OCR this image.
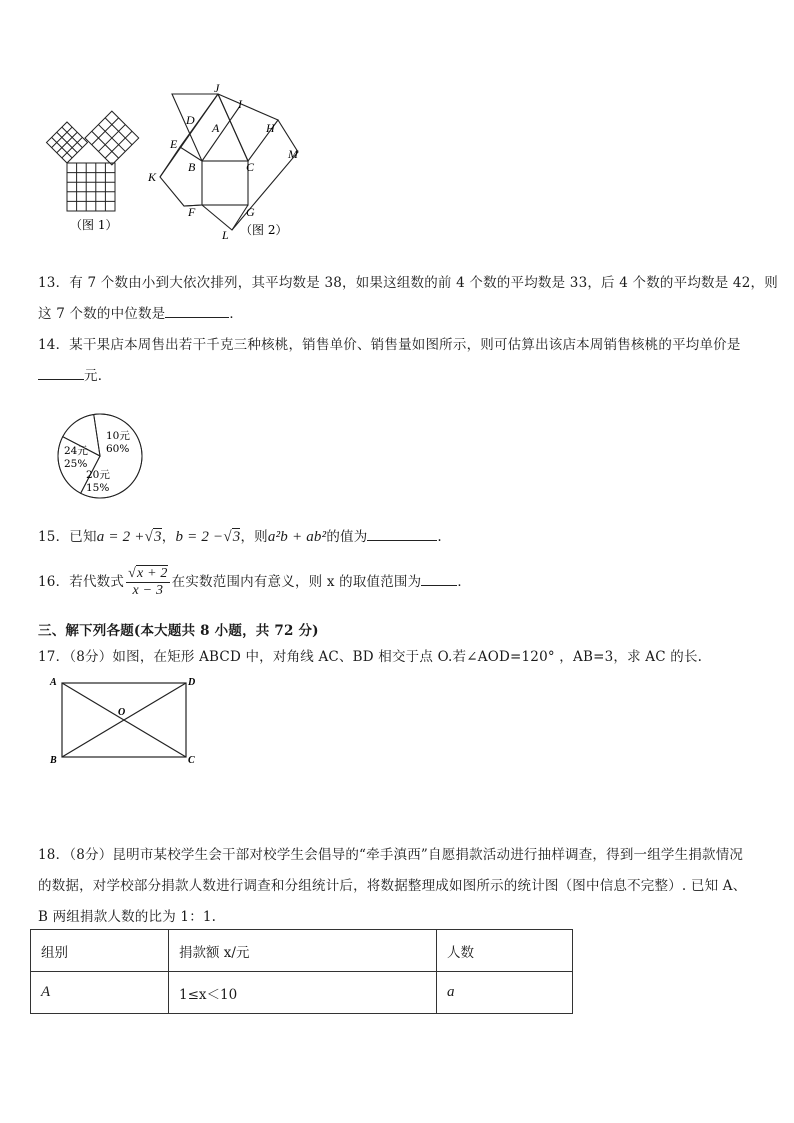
（图 1）
J
I
D
A	H
E
M
B	C
K
F	G
L （图 2）
13．有 7 个数由小到大依次排列，其平均数是 38，如果这组数的前 4 个数的平均数是 33，后 4 个数的平均数是 42，则
这 7 个数的中位数是	．
14．某干果店本周售出若干千克三种核桃，销售单价、销售量如图所示，则可估算出该店本周销售核桃的平均单价是
元．
10元
60%
24元
25%
20元
15%
15．已知a = 2 +√3，b = 2 −√3，则a²b + ab²的值为	.
16．若代数式 $\frac{√x + 2}{x - 3}$ 在实数范围内有意义，则 x 的取值范围为	．
三、解下列各题(本大题共 8 小题，共 72 分)
17．（8分）如图，在矩形 ABCD 中，对角线 AC、BD 相交于点 O.若∠AOD=120° ，AB=3，求 AC 的长.
A	D
O
B	C
18．（8分）昆明市某校学生会干部对校学生会倡导的“牵手滇西”自愿捐款活动进行抽样调查，得到一组学生捐款情况
的数据，对学校部分捐款人数进行调查和分组统计后，将数据整理成如图所示的统计图（图中信息不完整）. 已知 A、
B 两组捐款人数的比为 1：1.
组别	捐款额 x/元	人数
A	1≤x＜10	a
